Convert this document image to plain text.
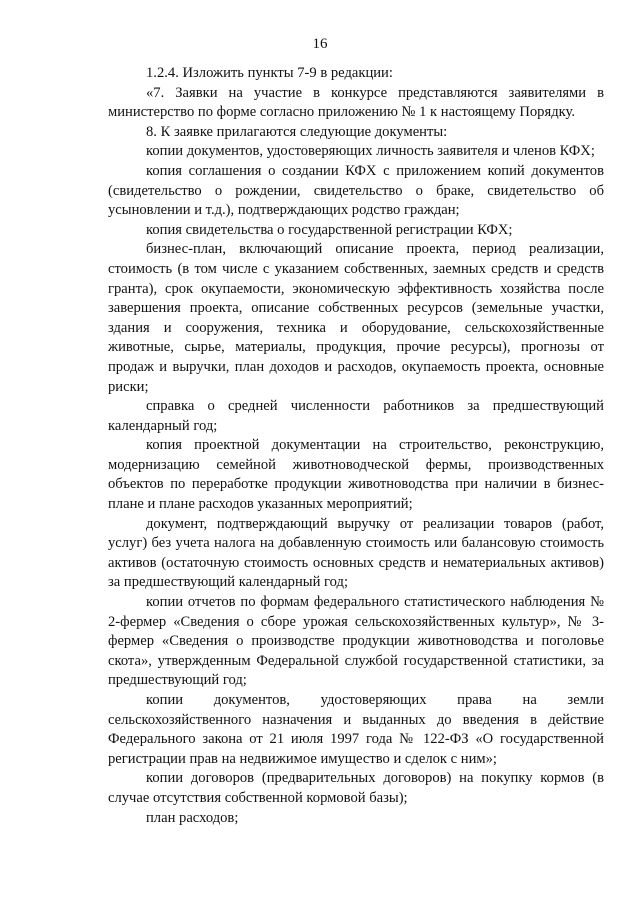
16

1.2.4. Изложить пункты 7-9 в редакции:

«7. Заявки на участие в конкурсе представляются заявителями в министерство по форме согласно приложению № 1 к настоящему Порядку.

8. К заявке прилагаются следующие документы:

копии документов, удостоверяющих личность заявителя и членов КФХ;

копия соглашения о создании КФХ с приложением копий документов (свидетельство о рождении, свидетельство о браке, свидетельство об усыновлении и т.д.), подтверждающих родство граждан;

копия свидетельства о государственной регистрации КФХ;

бизнес-план, включающий описание проекта, период реализации, стоимость (в том числе с указанием собственных, заемных средств и средств гранта), срок окупаемости, экономическую эффективность хозяйства после завершения проекта, описание собственных ресурсов (земельные участки, здания и сооружения, техника и оборудование, сельскохозяйственные животные, сырье, материалы, продукция, прочие ресурсы), прогнозы от продаж и выручки, план доходов и расходов, окупаемость проекта, основные риски;

справка о средней численности работников за предшествующий календарный год;

копия проектной документации на строительство, реконструкцию, модернизацию семейной животноводческой фермы, производственных объектов по переработке продукции животноводства при наличии в бизнес-плане и плане расходов указанных мероприятий;

документ, подтверждающий выручку от реализации товаров (работ, услуг) без учета налога на добавленную стоимость или балансовую стоимость активов (остаточную стоимость основных средств и нематериальных активов) за предшествующий календарный год;

копии отчетов по формам федерального статистического наблюдения № 2-фермер «Сведения о сборе урожая сельскохозяйственных культур», № 3-фермер «Сведения о производстве продукции животноводства и поголовье скота», утвержденным Федеральной службой государственной статистики, за предшествующий год;

копии документов, удостоверяющих права на земли сельскохозяйственного назначения и выданных до введения в действие Федерального закона от 21 июля 1997 года № 122-ФЗ «О государственной регистрации прав на недвижимое имущество и сделок с ним»;

копии договоров (предварительных договоров) на покупку кормов (в случае отсутствия собственной кормовой базы);

план расходов;
